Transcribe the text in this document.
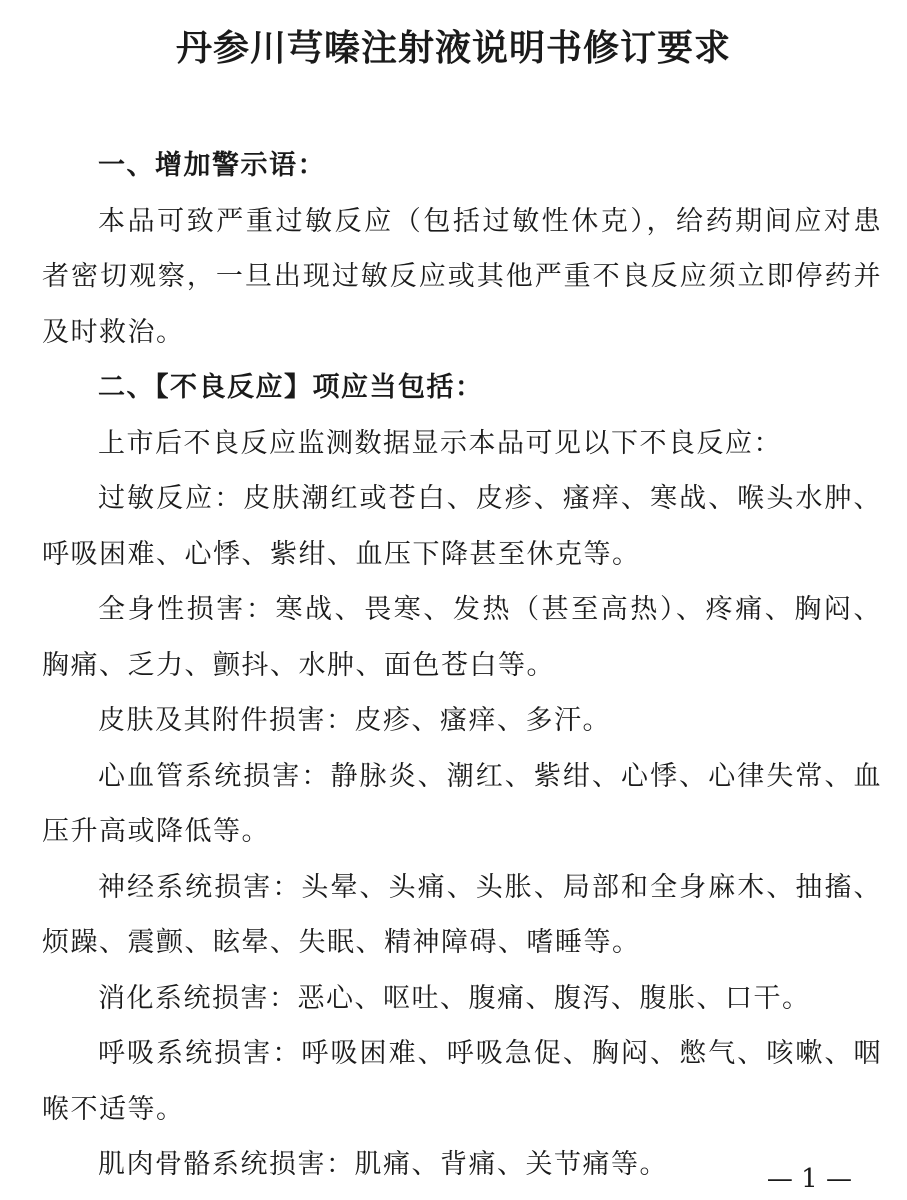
丹参川芎嗪注射液说明书修订要求

一、增加警示语：

本品可致严重过敏反应（包括过敏性休克），给药期间应对患者密切观察，一旦出现过敏反应或其他严重不良反应须立即停药并及时救治。

二、【不良反应】项应当包括：

上市后不良反应监测数据显示本品可见以下不良反应：

过敏反应：皮肤潮红或苍白、皮疹、瘙痒、寒战、喉头水肿、呼吸困难、心悸、紫绀、血压下降甚至休克等。

全身性损害：寒战、畏寒、发热（甚至高热）、疼痛、胸闷、胸痛、乏力、颤抖、水肿、面色苍白等。

皮肤及其附件损害：皮疹、瘙痒、多汗。

心血管系统损害：静脉炎、潮红、紫绀、心悸、心律失常、血压升高或降低等。

神经系统损害：头晕、头痛、头胀、局部和全身麻木、抽搐、烦躁、震颤、眩晕、失眠、精神障碍、嗜睡等。

消化系统损害：恶心、呕吐、腹痛、腹泻、腹胀、口干。

呼吸系统损害：呼吸困难、呼吸急促、胸闷、憋气、咳嗽、咽喉不适等。

肌肉骨骼系统损害：肌痛、背痛、关节痛等。	— 1 —
